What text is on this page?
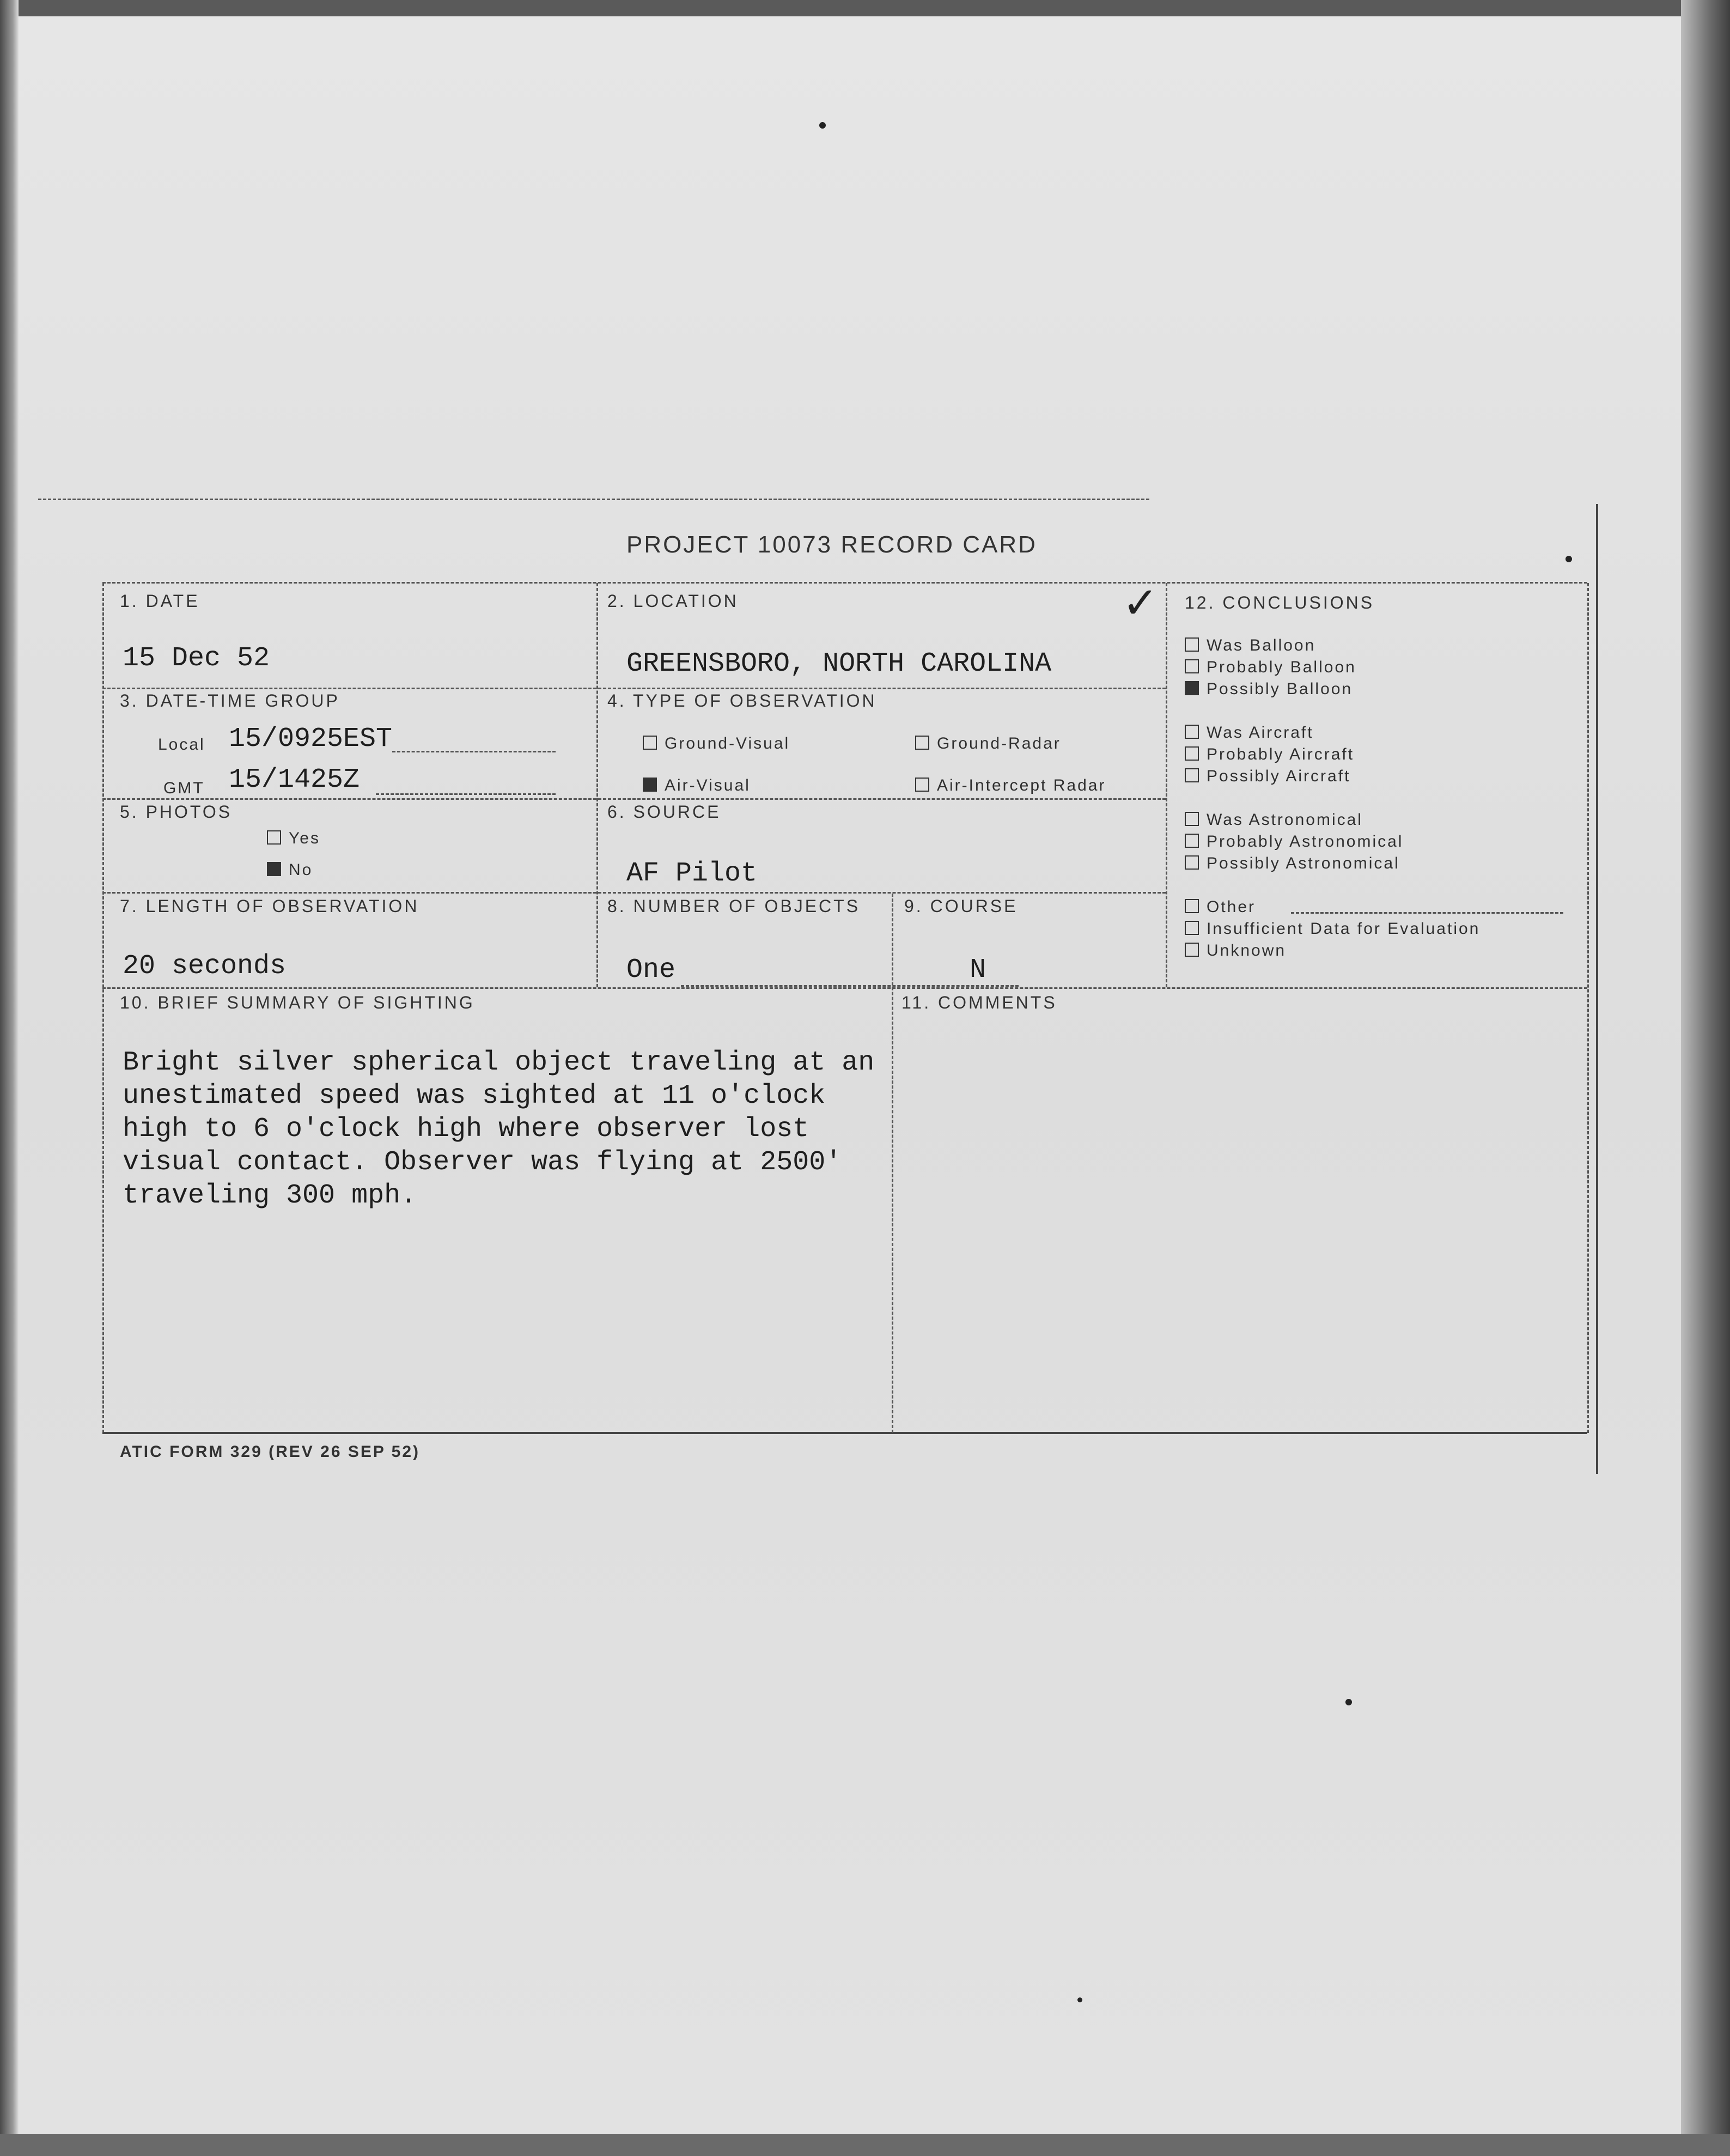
PROJECT 10073 RECORD CARD
1. DATE
15 Dec 52
2. LOCATION
GREENSBORO, NORTH CAROLINA
3. DATE-TIME GROUP
Local 15/0925EST
GMT 15/1425Z
4. TYPE OF OBSERVATION
Ground-Visual	Ground-Radar
Air-Visual	Air-Intercept Radar
5. PHOTOS
Yes
No
6. SOURCE
AF Pilot
7. LENGTH OF OBSERVATION
20 seconds
8. NUMBER OF OBJECTS
One
9. COURSE
N
10. BRIEF SUMMARY OF SIGHTING
Bright silver spherical object traveling at an
unestimated speed was sighted at 11 o'clock
high to 6 o'clock high where observer lost
visual contact. Observer was flying at 2500'
traveling 300 mph.
11. COMMENTS
✓ 12. CONCLUSIONS
Was Balloon
Probably Balloon
Possibly Balloon
Was Aircraft
Probably Aircraft
Possibly Aircraft
Was Astronomical
Probably Astronomical
Possibly Astronomical
Other
Insufficient Data for Evaluation
Unknown
ATIC FORM 329 (REV 26 SEP 52)
